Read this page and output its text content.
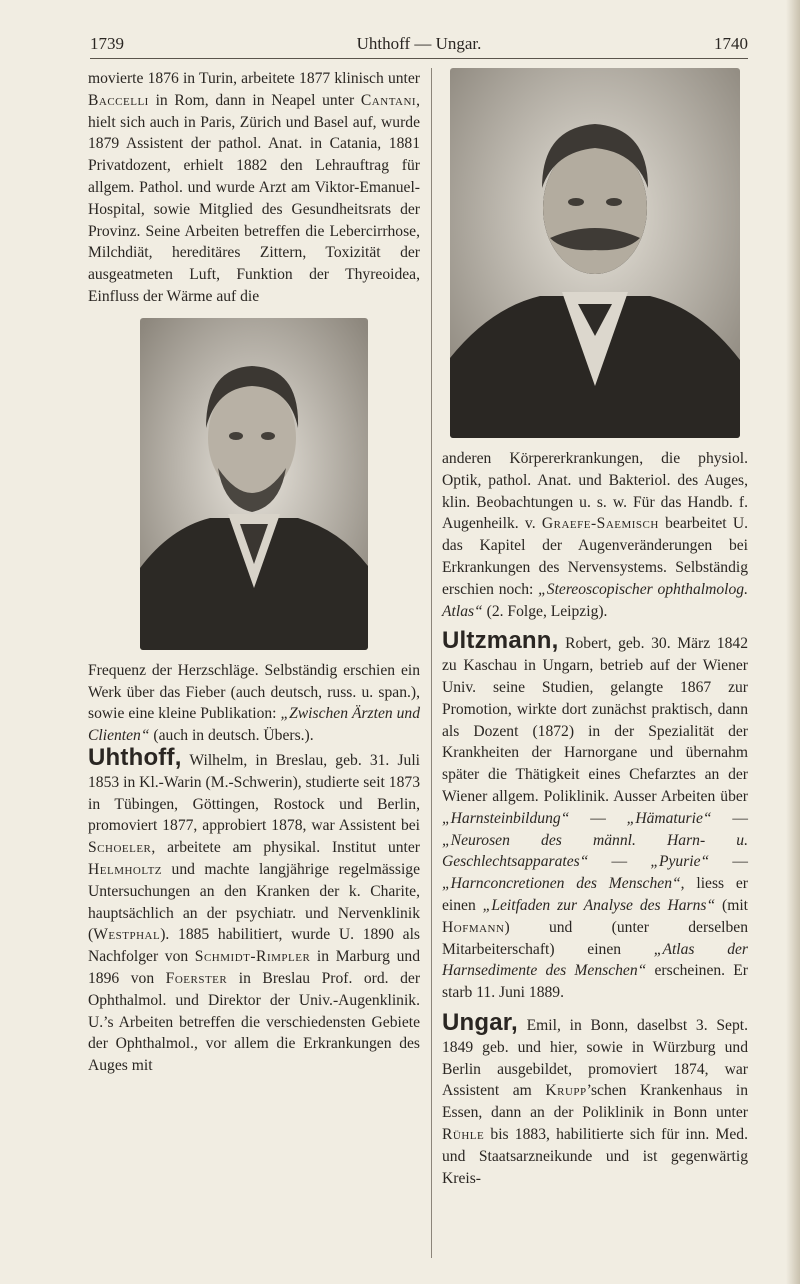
1739	Uhthoff — Ungar.	1740

movierte 1876 in Turin, arbeitete 1877 klinisch unter Baccelli in Rom, dann in Neapel unter Cantani, hielt sich auch in Paris, Zürich und Basel auf, wurde 1879 Assistent der pathol. Anat. in Catania, 1881 Privatdozent, erhielt 1882 den Lehrauftrag für allgem. Pathol. und wurde Arzt am Viktor-Emanuel-Hospital, sowie Mitglied des Gesundheitsrats der Provinz. Seine Arbeiten betreffen die Lebercirrhose, Milchdiät, hereditäres Zittern, Toxizität der ausgeatmeten Luft, Funktion der Thyreoidea, Einfluss der Wärme auf die

Frequenz der Herzschläge. Selbständig erschien ein Werk über das Fieber (auch deutsch, russ. u. span.), sowie eine kleine Publikation: „Zwischen Ärzten und Clienten“ (auch in deutsch. Übers.).

Uhthoff, Wilhelm, in Breslau, geb. 31. Juli 1853 in Kl.-Warin (M.-Schwerin), studierte seit 1873 in Tübingen, Göttingen, Rostock und Berlin, promoviert 1877, approbiert 1878, war Assistent bei Schoeler, arbeitete am physikal. Institut unter Helmholtz und machte langjährige regelmässige Untersuchungen an den Kranken der k. Charite, hauptsächlich an der psychiatr. und Nervenklinik (Westphal). 1885 habilitiert, wurde U. 1890 als Nachfolger von Schmidt-Rimpler in Marburg und 1896 von Foerster in Breslau Prof. ord. der Ophthalmol. und Direktor der Univ.-Augenklinik. U.’s Arbeiten betreffen die verschiedensten Gebiete der Ophthalmol., vor allem die Erkrankungen des Auges mit

anderen Körpererkrankungen, die physiol. Optik, pathol. Anat. und Bakteriol. des Auges, klin. Beobachtungen u. s. w. Für das Handb. f. Augenheilk. v. Graefe-Saemisch bearbeitet U. das Kapitel der Augenveränderungen bei Erkrankungen des Nervensystems. Selbständig erschien noch: „Stereoscopischer ophthalmolog. Atlas“ (2. Folge, Leipzig).

Ultzmann, Robert, geb. 30. März 1842 zu Kaschau in Ungarn, betrieb auf der Wiener Univ. seine Studien, gelangte 1867 zur Promotion, wirkte dort zunächst praktisch, dann als Dozent (1872) in der Spezialität der Krankheiten der Harnorgane und übernahm später die Thätigkeit eines Chefarztes an der Wiener allgem. Poliklinik. Ausser Arbeiten über „Harnsteinbildung“ — „Hämaturie“ — „Neurosen des männl. Harn- u. Geschlechtsapparates“ — „Pyurie“ —„Harnconcretionen des Menschen“, liess er einen „Leitfaden zur Analyse des Harns“ (mit Hofmann) und (unter derselben Mitarbeiterschaft) einen „Atlas der Harnsedimente des Menschen“ erscheinen. Er starb 11. Juni 1889.

Ungar, Emil, in Bonn, daselbst 3. Sept. 1849 geb. und hier, sowie in Würzburg und Berlin ausgebildet, promoviert 1874, war Assistent am Krupp’schen Krankenhaus in Essen, dann an der Poliklinik in Bonn unter Rühle bis 1883, habilitierte sich für inn. Med. und Staatsarzneikunde und ist gegenwärtig Kreis-
